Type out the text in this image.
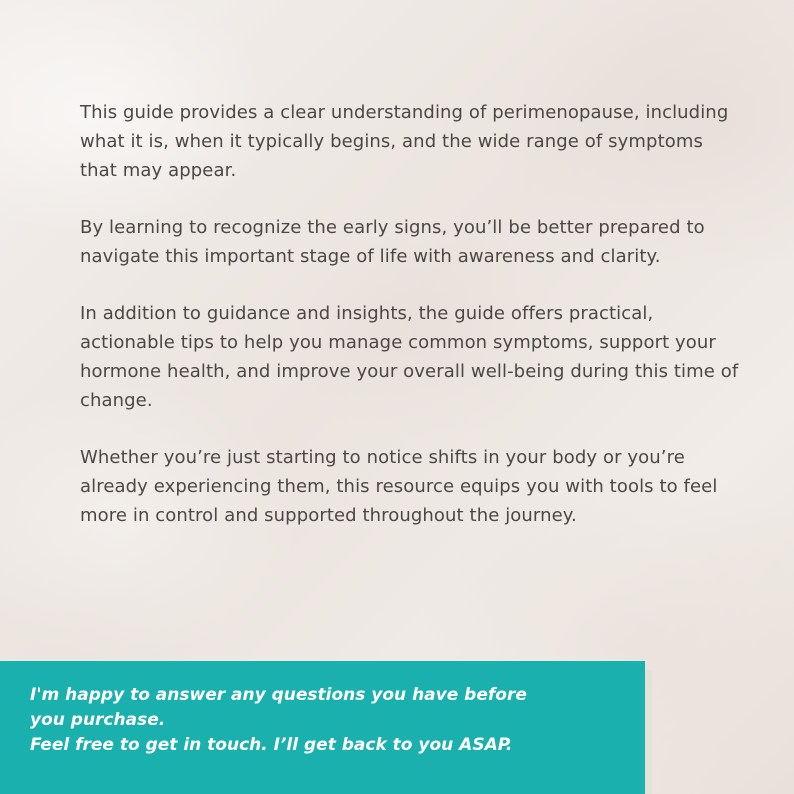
This guide provides a clear understanding of perimenopause, including what it is, when it typically begins, and the wide range of symptoms that may appear.

By learning to recognize the early signs, you’ll be better prepared to navigate this important stage of life with awareness and clarity.

In addition to guidance and insights, the guide offers practical, actionable tips to help you manage common symptoms, support your hormone health, and improve your overall well-being during this time of change.

Whether you’re just starting to notice shifts in your body or you’re already experiencing them, this resource equips you with tools to feel more in control and supported throughout the journey.

I'm happy to answer any questions you have before
you purchase.
Feel free to get in touch. I’ll get back to you ASAP.
